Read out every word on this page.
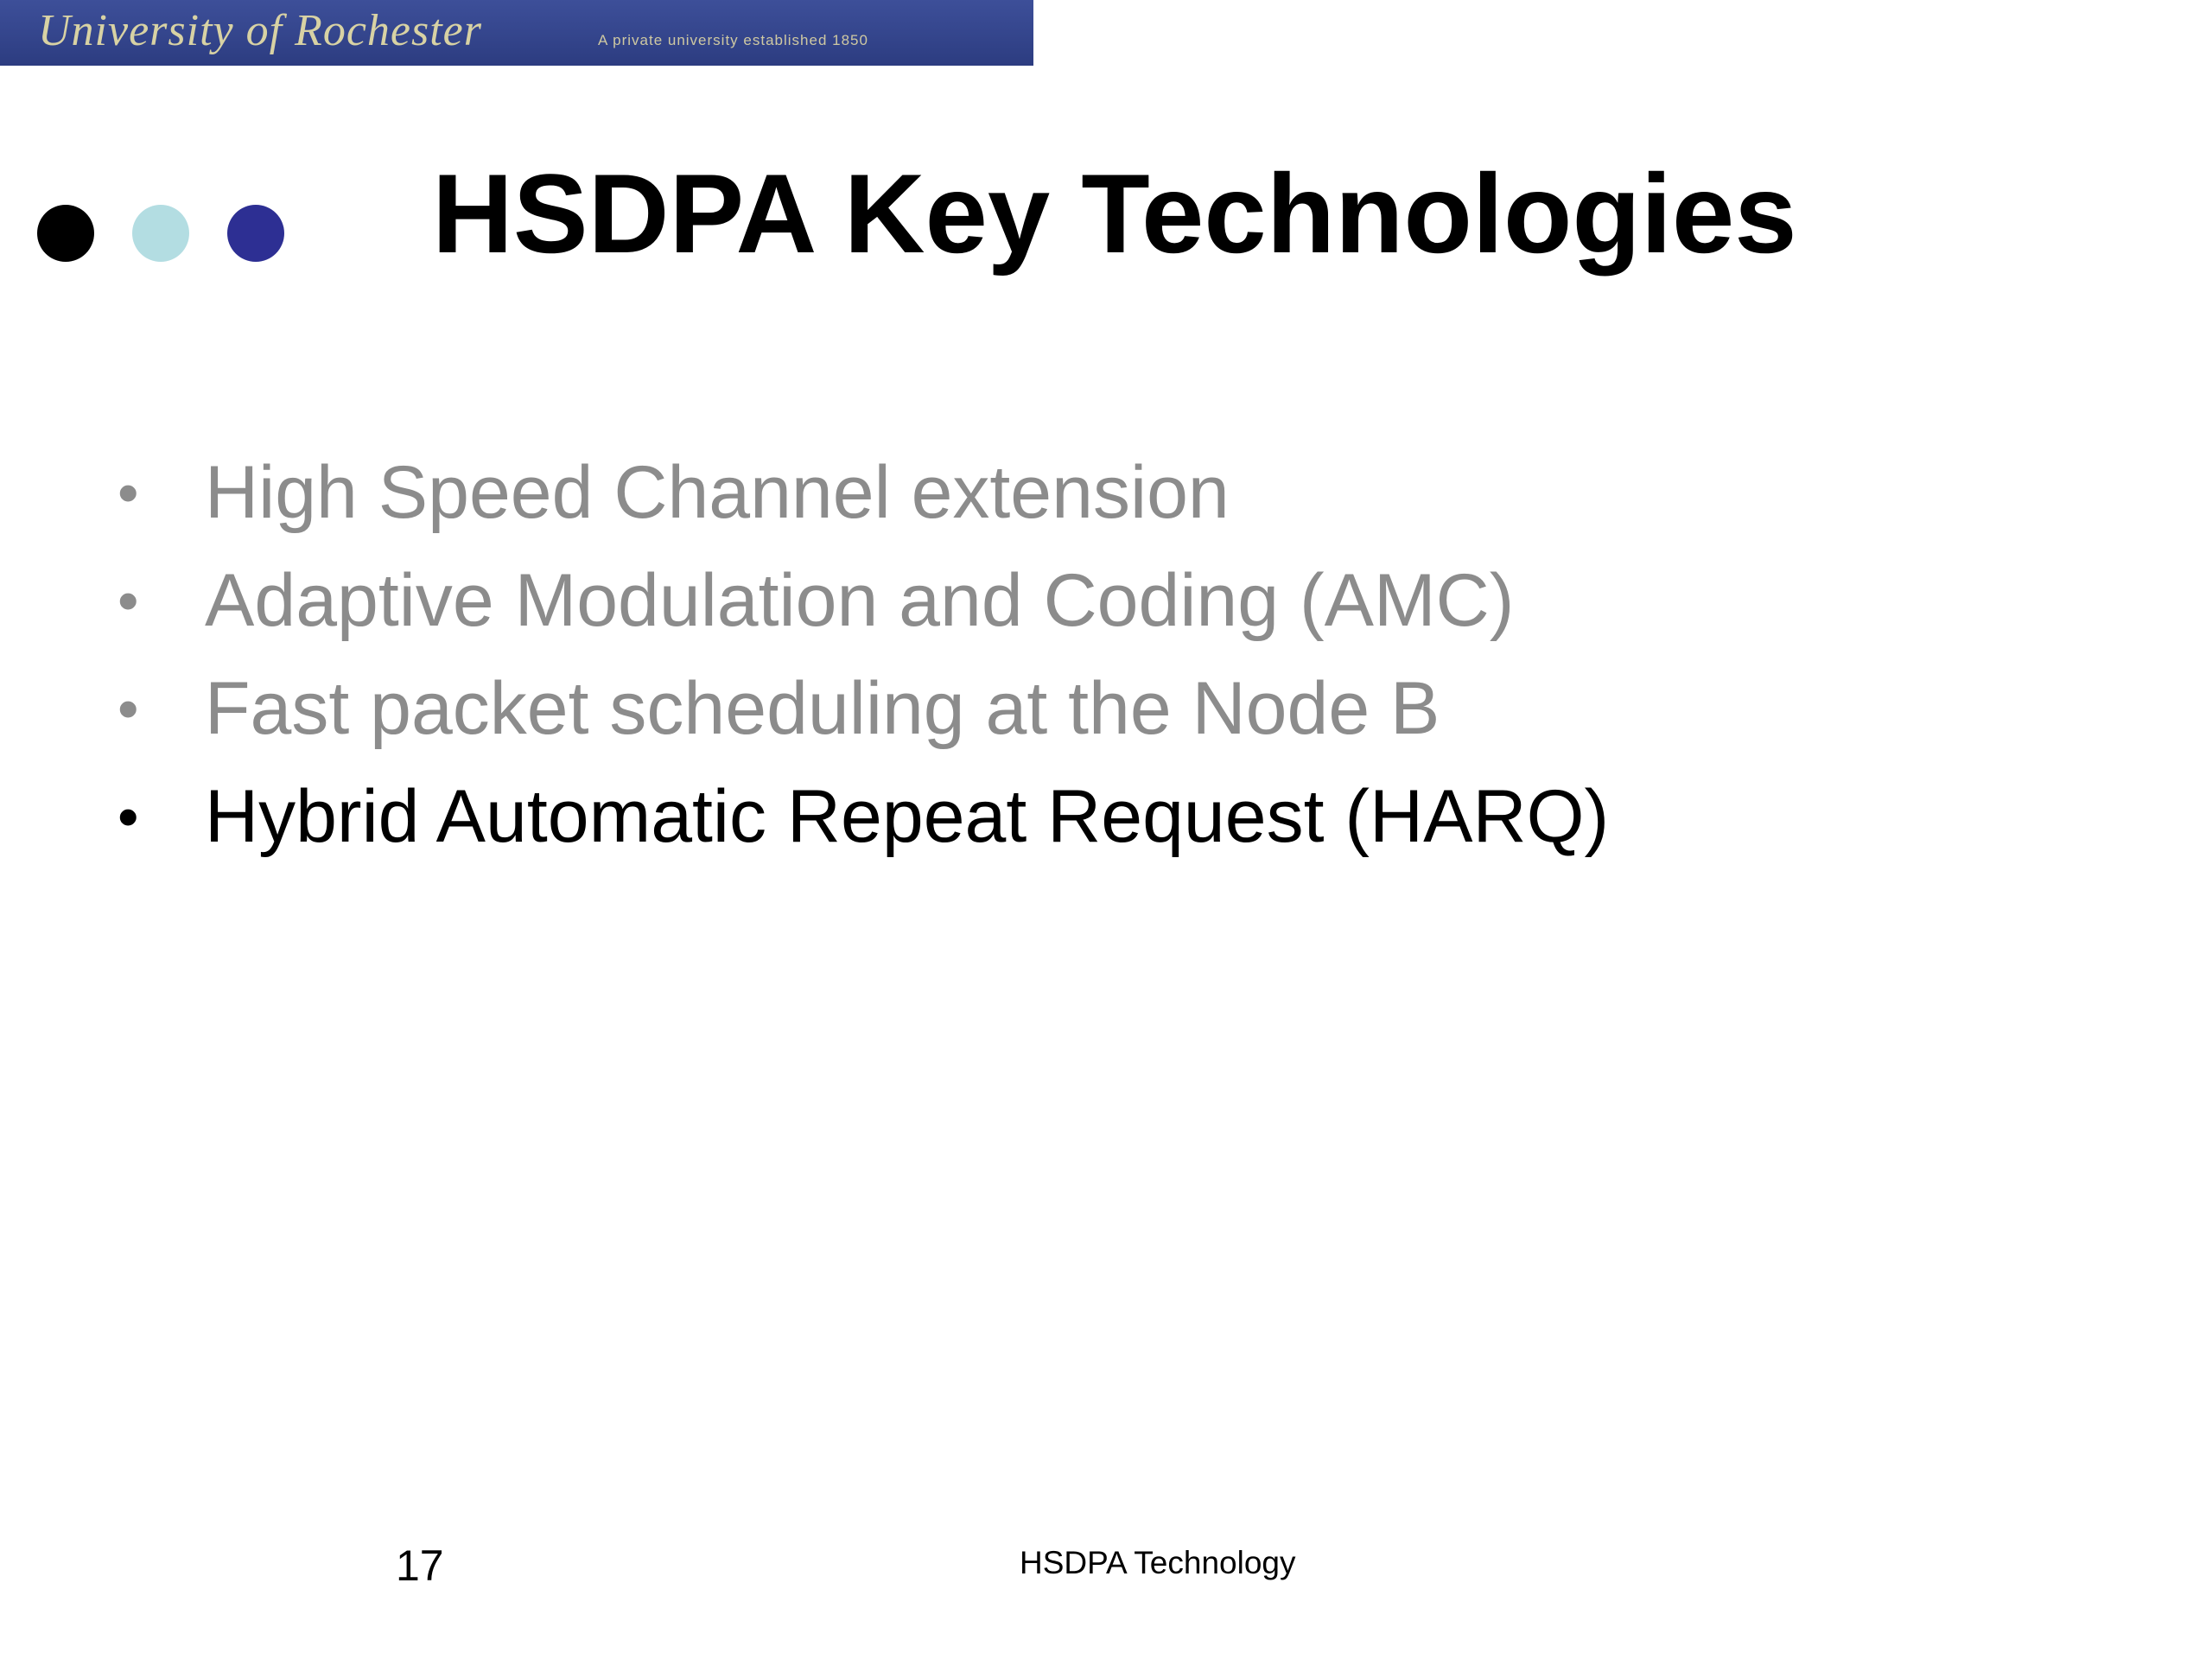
University of Rochester	A private university established 1850
HSDPA Key Technologies
• High Speed Channel extension
• Adaptive Modulation and Coding (AMC)
• Fast packet scheduling at the Node B
• Hybrid Automatic Repeat Request (HARQ)
17	HSDPA Technology
